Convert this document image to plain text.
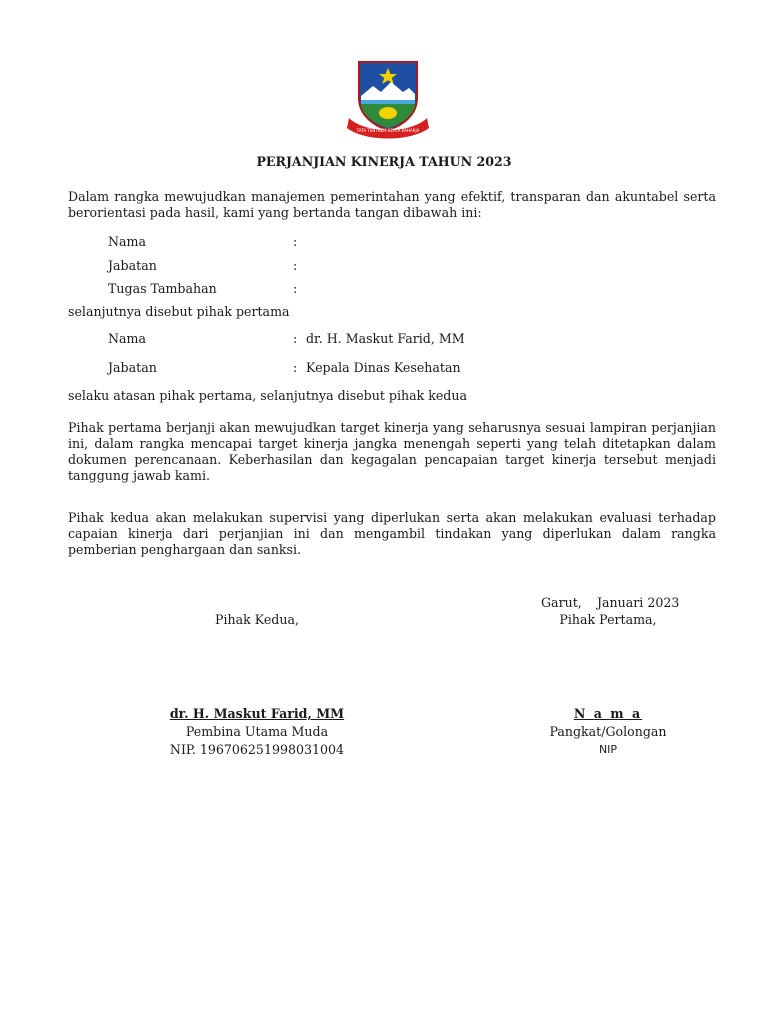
TATA TENTREM KERTA RAHARJA
PERJANJIAN KINERJA TAHUN 2023
Dalam rangka mewujudkan manajemen pemerintahan yang efektif, transparan dan akuntabel serta berorientasi pada hasil, kami yang bertanda tangan dibawah ini:
Nama	:
Jabatan	:
Tugas Tambahan	:
selanjutnya disebut pihak pertama
Nama	: dr. H. Maskut Farid, MM
Jabatan	: Kepala Dinas Kesehatan
selaku atasan pihak pertama, selanjutnya disebut pihak kedua
Pihak pertama berjanji akan mewujudkan target kinerja yang seharusnya sesuai lampiran perjanjian ini, dalam rangka mencapai target kinerja jangka menengah seperti yang telah ditetapkan dalam dokumen perencanaan. Keberhasilan dan kegagalan pencapaian target kinerja tersebut menjadi tanggung jawab kami.
Pihak kedua akan melakukan supervisi yang diperlukan serta akan melakukan evaluasi terhadap capaian kinerja dari perjanjian ini dan mengambil tindakan yang diperlukan dalam rangka pemberian penghargaan dan sanksi.
Garut, Januari 2023
Pihak Kedua,
dr. H. Maskut Farid, MM
Pembina Utama Muda
NIP. 196706251998031004
Pihak Pertama,
N a m a
Pangkat/Golongan
NIP
